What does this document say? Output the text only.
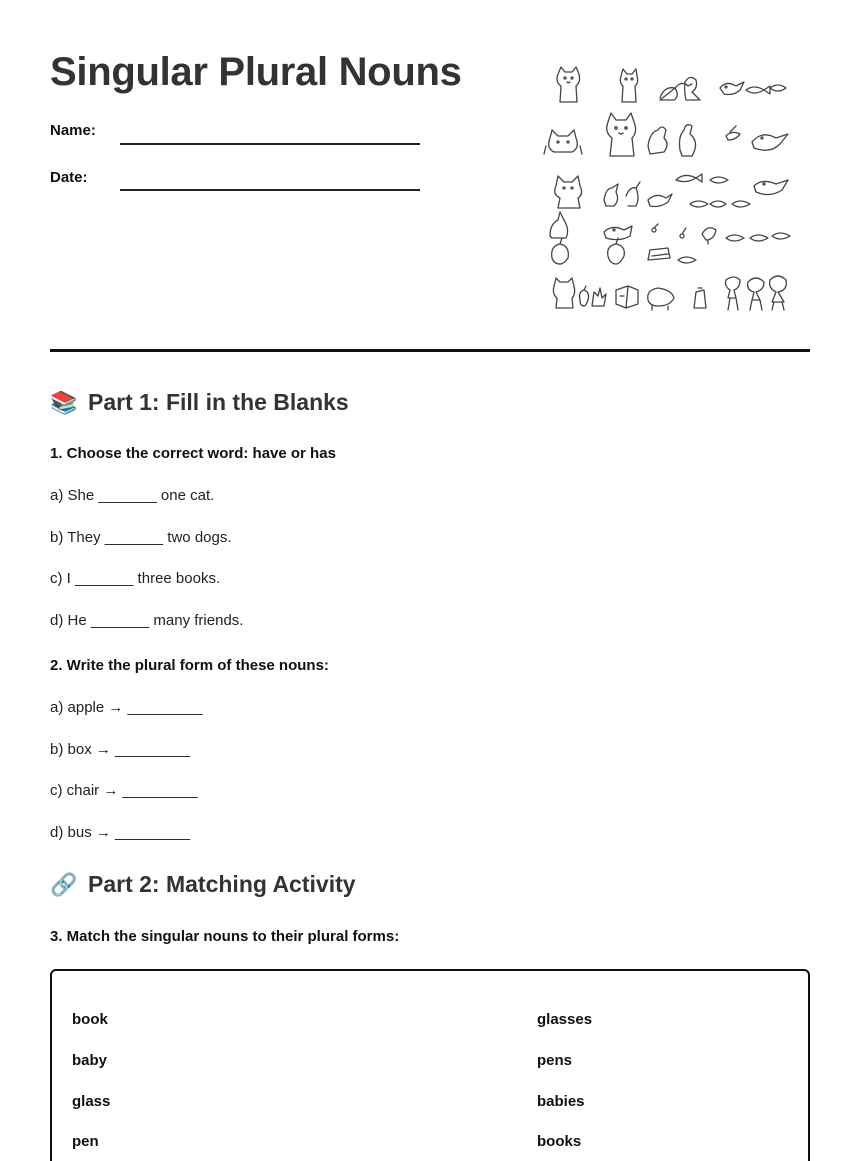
Singular Plural Nouns
Name:
Date:
📚 Part 1: Fill in the Blanks
1. Choose the correct word: have or has
a) She _______ one cat.
b) They _______ two dogs.
c) I _______ three books.
d) He _______ many friends.
2. Write the plural form of these nouns:
a) apple → _________
b) box → _________
c) chair → _________
d) bus → _________
🔗 Part 2: Matching Activity
3. Match the singular nouns to their plural forms:
book
baby
glass
pen
glasses
pens
babies
books
